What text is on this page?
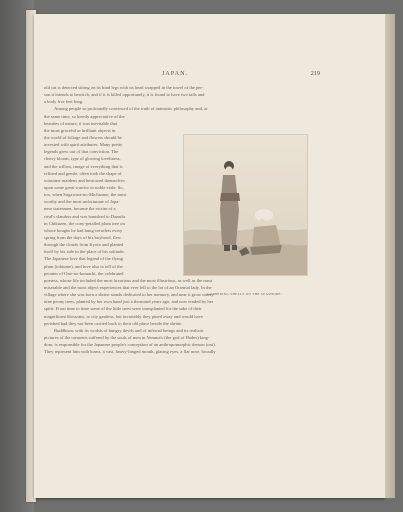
JAPAN.	219
old cat is detected sitting on its hind legs with its head wrapped in the towel of the per-
son it intends to bewitch, and if it is killed opportunely, it is found to have two tails and
a body five feet long.
Among people so profoundly convinced of the truth of animistic philosophy and, at
the same time, so keenly appreciative of the
beauties of nature, it was inevitable that
the most graceful or brilliant objects in
the world of foliage and flowers should be
invested with spirit attributes. Many pretty
legends grew out of that conviction. The
cherry bloom, type of glowing loveliness,
and the willow, image of everything that is
refined and gentle, often took the shape of
winsome maidens and bestowed themselves
upon some great warrior or noble exile. So,
too, when Sugawara-no-Michizane, the most
worthy and the most unfortunate of Japa-
nese statesmen, became the victim of a
rival's slanders and was banished to Dazaifu
in Chikuzen, the cony-petalled plum tree on
whose boughs he had hung verselets every
spring from the days of his boyhood, flew
through the clouds from Kyoto and planted
itself by his side in the place of his solitude.
The Japanese love that legend of the flying
plum (tobiume), and love also to tell of the
peonies of Ono-no-komachi, the celebrated
poetess, whose life included the most luxurious and the most illustrious, as well as the most
miserable and the most abject experiences that ever fell to the lot of an Oriental lady. In the
village where she was born a shrine stands dedicated to her memory, and near it grow ninety-
nine peony trees, planted by her own hand just a thousand years ago, and now tended by her
spirit. From time to time some of the little trees were transplanted for the sake of their
magnificent blossoms, to city gardens, but invariably they pined away and would have
perished had they not been carried back to their old place beside the shrine.
Buddhism, with its worlds of hungry devils and of infernal beings and its realistic
pictures of the torments suffered by the souls of men in Yemma's (the god of Hades) king-
dom, is responsible for the Japanese people's conception of an anthropomorphic demon (oni).
They represent him with horns, a vast, heavy-fanged mouth, glaring eyes, a flat nose, broadly
GATHERING SHELLS ON THE SEASHORE.
